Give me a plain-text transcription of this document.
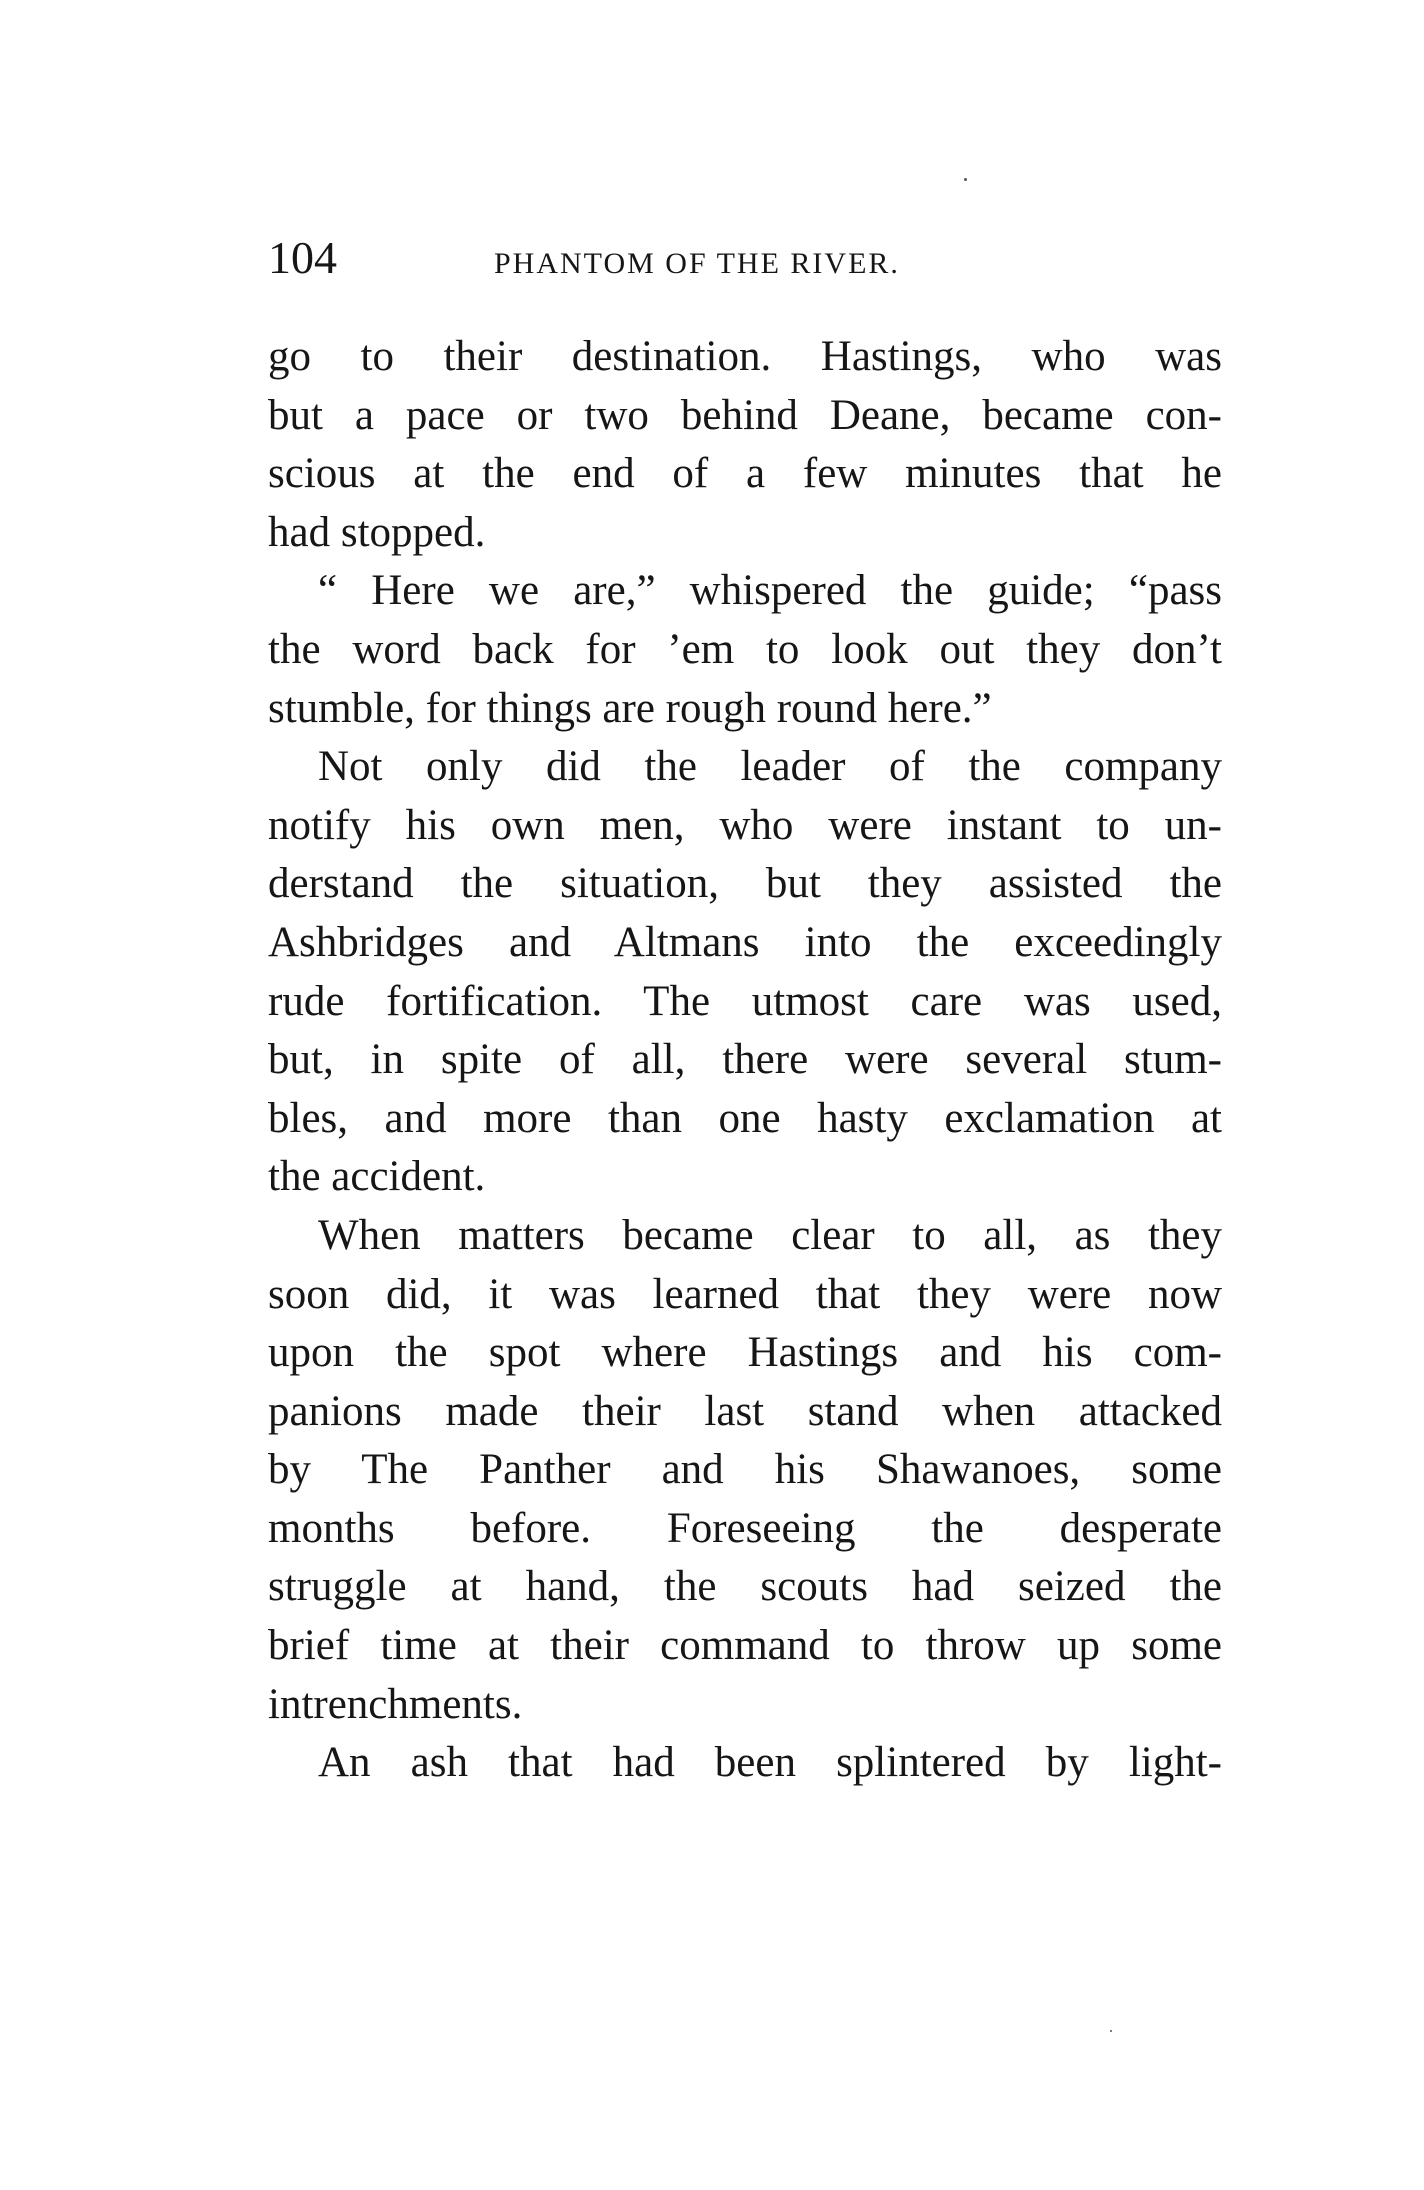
104	PHANTOM OF THE RIVER.
go to their destination. Hastings, who was
but a pace or two behind Deane, became con-
scious at the end of a few minutes that he
had stopped.
“ Here we are,” whispered the guide; “pass
the word back for ’em to look out they don’t
stumble, for things are rough round here.”
Not only did the leader of the company
notify his own men, who were instant to un-
derstand the situation, but they assisted the
Ashbridges and Altmans into the exceedingly
rude fortification. The utmost care was used,
but, in spite of all, there were several stum-
bles, and more than one hasty exclamation at
the accident.
When matters became clear to all, as they
soon did, it was learned that they were now
upon the spot where Hastings and his com-
panions made their last stand when attacked
by The Panther and his Shawanoes, some
months before. Foreseeing the desperate
struggle at hand, the scouts had seized the
brief time at their command to throw up some
intrenchments.
An ash that had been splintered by light-
